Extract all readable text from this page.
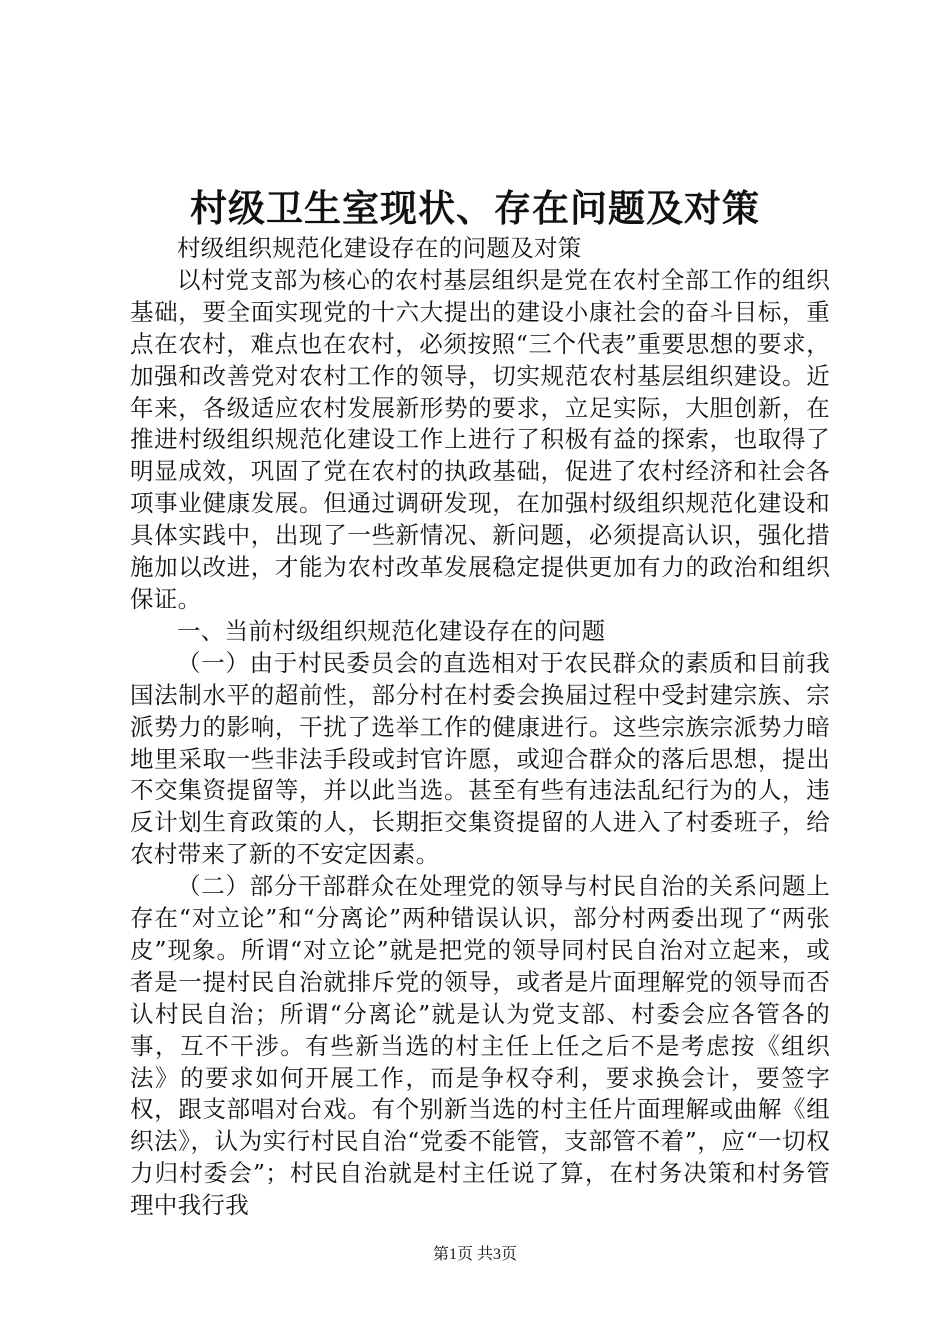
村级卫生室现状、存在问题及对策

村级组织规范化建设存在的问题及对策

以村党支部为核心的农村基层组织是党在农村全部工作的组织基础，要全面实现党的十六大提出的建设小康社会的奋斗目标，重点在农村，难点也在农村，必须按照“三个代表”重要思想的要求，加强和改善党对农村工作的领导，切实规范农村基层组织建设。近年来，各级适应农村发展新形势的要求，立足实际，大胆创新，在推进村级组织规范化建设工作上进行了积极有益的探索，也取得了明显成效，巩固了党在农村的执政基础，促进了农村经济和社会各项事业健康发展。但通过调研发现，在加强村级组织规范化建设和具体实践中，出现了一些新情况、新问题，必须提高认识，强化措施加以改进，才能为农村改革发展稳定提供更加有力的政治和组织保证。

一、当前村级组织规范化建设存在的问题

（一）由于村民委员会的直选相对于农民群众的素质和目前我国法制水平的超前性，部分村在村委会换届过程中受封建宗族、宗派势力的影响，干扰了选举工作的健康进行。这些宗族宗派势力暗地里采取一些非法手段或封官许愿，或迎合群众的落后思想，提出不交集资提留等，并以此当选。甚至有些有违法乱纪行为的人，违反计划生育政策的人，长期拒交集资提留的人进入了村委班子，给农村带来了新的不安定因素。

（二）部分干部群众在处理党的领导与村民自治的关系问题上存在“对立论”和“分离论”两种错误认识，部分村两委出现了“两张皮”现象。所谓“对立论”就是把党的领导同村民自治对立起来，或者是一提村民自治就排斥党的领导，或者是片面理解党的领导而否认村民自治；所谓“分离论”就是认为党支部、村委会应各管各的事，互不干涉。有些新当选的村主任上任之后不是考虑按《组织法》的要求如何开展工作，而是争权夺利，要求换会计，要签字权，跟支部唱对台戏。有个别新当选的村主任片面理解或曲解《组织法》，认为实行村民自治“党委不能管，支部管不着”，应“一切权力归村委会”；村民自治就是村主任说了算，在村务决策和村务管理中我行我

第1页 共3页
